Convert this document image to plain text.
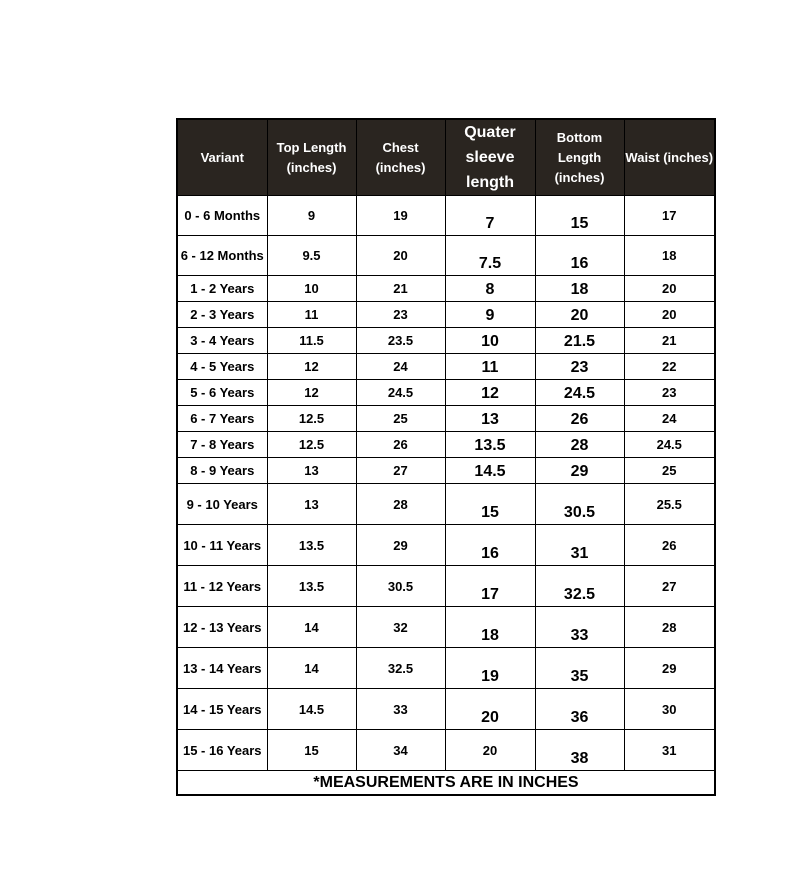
Variant	Top Length (inches)	Chest (inches)	Quater sleeve length	Bottom Length (inches)	Waist (inches)
0 - 6 Months	9	19	7	15	17
6 - 12 Months	9.5	20	7.5	16	18
1 - 2 Years	10	21	8	18	20
2 - 3 Years	11	23	9	20	20
3 - 4 Years	11.5	23.5	10	21.5	21
4 - 5 Years	12	24	11	23	22
5 - 6 Years	12	24.5	12	24.5	23
6 - 7 Years	12.5	25	13	26	24
7 - 8 Years	12.5	26	13.5	28	24.5
8 - 9 Years	13	27	14.5	29	25
9 - 10 Years	13	28	15	30.5	25.5
10 - 11 Years	13.5	29	16	31	26
11 - 12 Years	13.5	30.5	17	32.5	27
12 - 13 Years	14	32	18	33	28
13 - 14 Years	14	32.5	19	35	29
14 - 15 Years	14.5	33	20	36	30
15 - 16 Years	15	34	20	38	31
*MEASUREMENTS ARE IN INCHES					
